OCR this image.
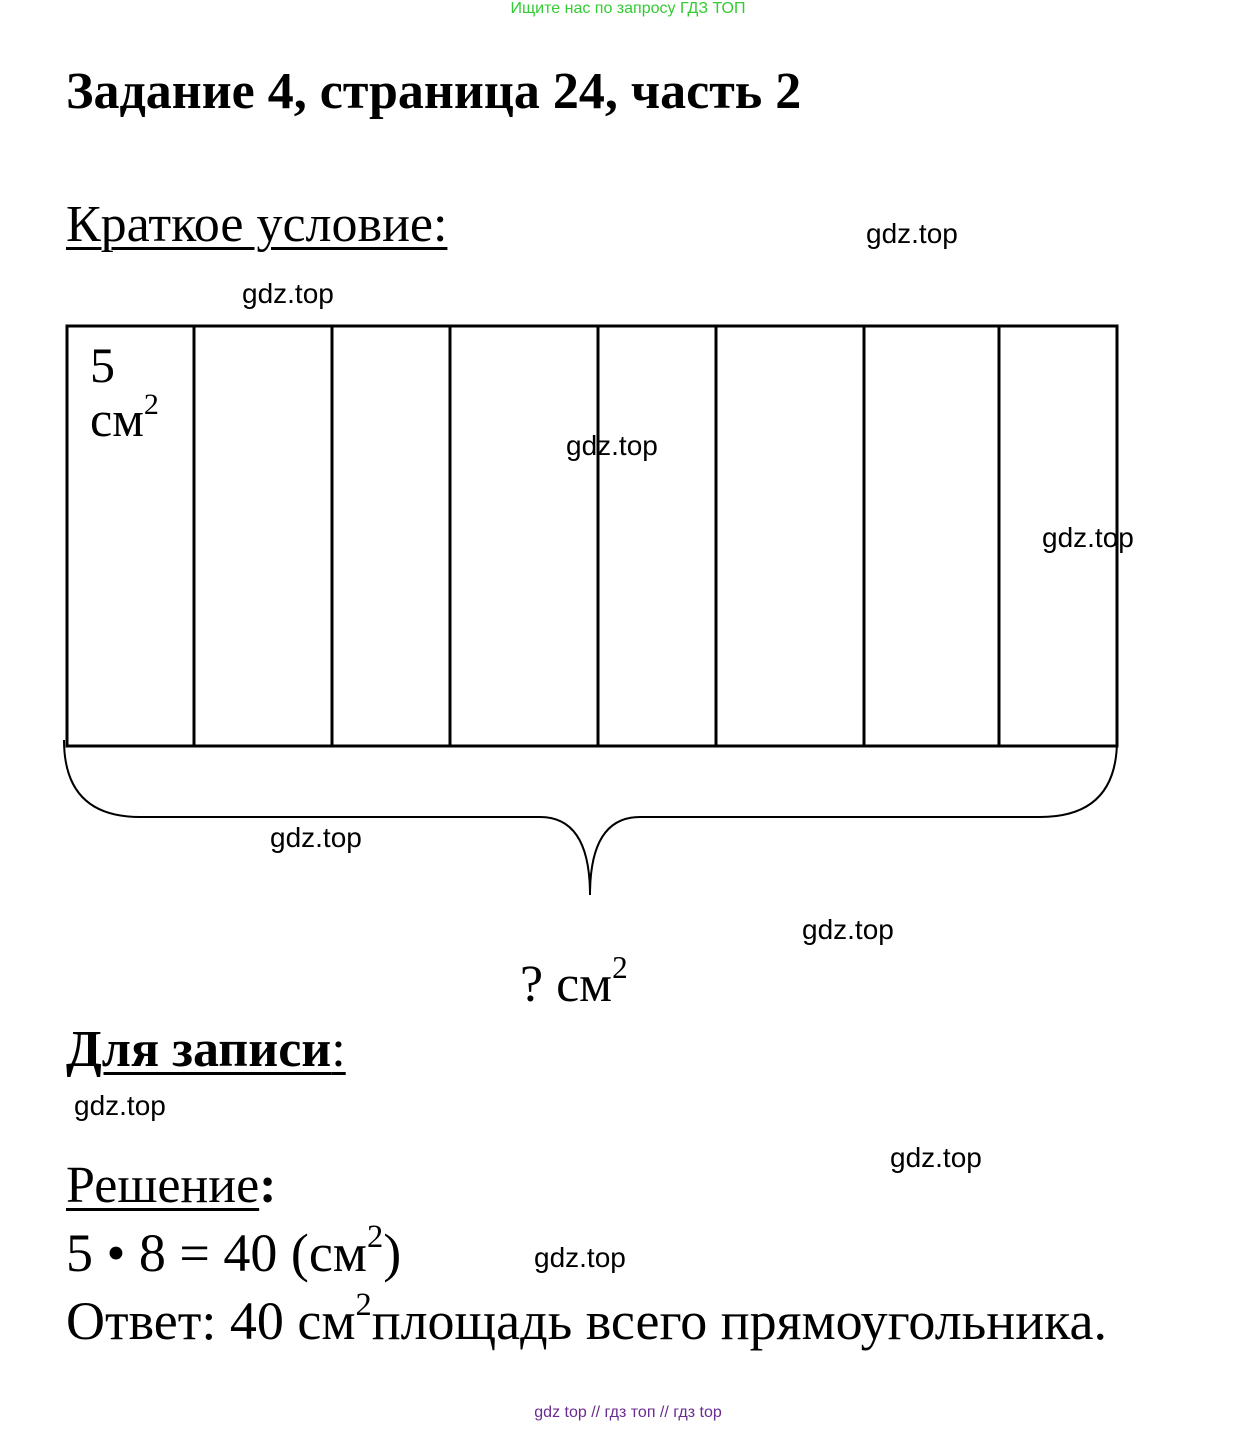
Ищите нас по запросу ГДЗ ТОП
Задание 4, страница 24, часть 2
Краткое условие:
5
$см^2$
? $см^2$
Для записи:
Решение:
5 • 8 = 40 $(см^2)$
Ответ: 40 $см^2площадь$ всего прямоугольника.
gdz.top
gdz.top
gdz.top
gdz.top
gdz.top
gdz.top
gdz.top
gdz.top
gdz.top
gdz top // гдз топ // гдз top
